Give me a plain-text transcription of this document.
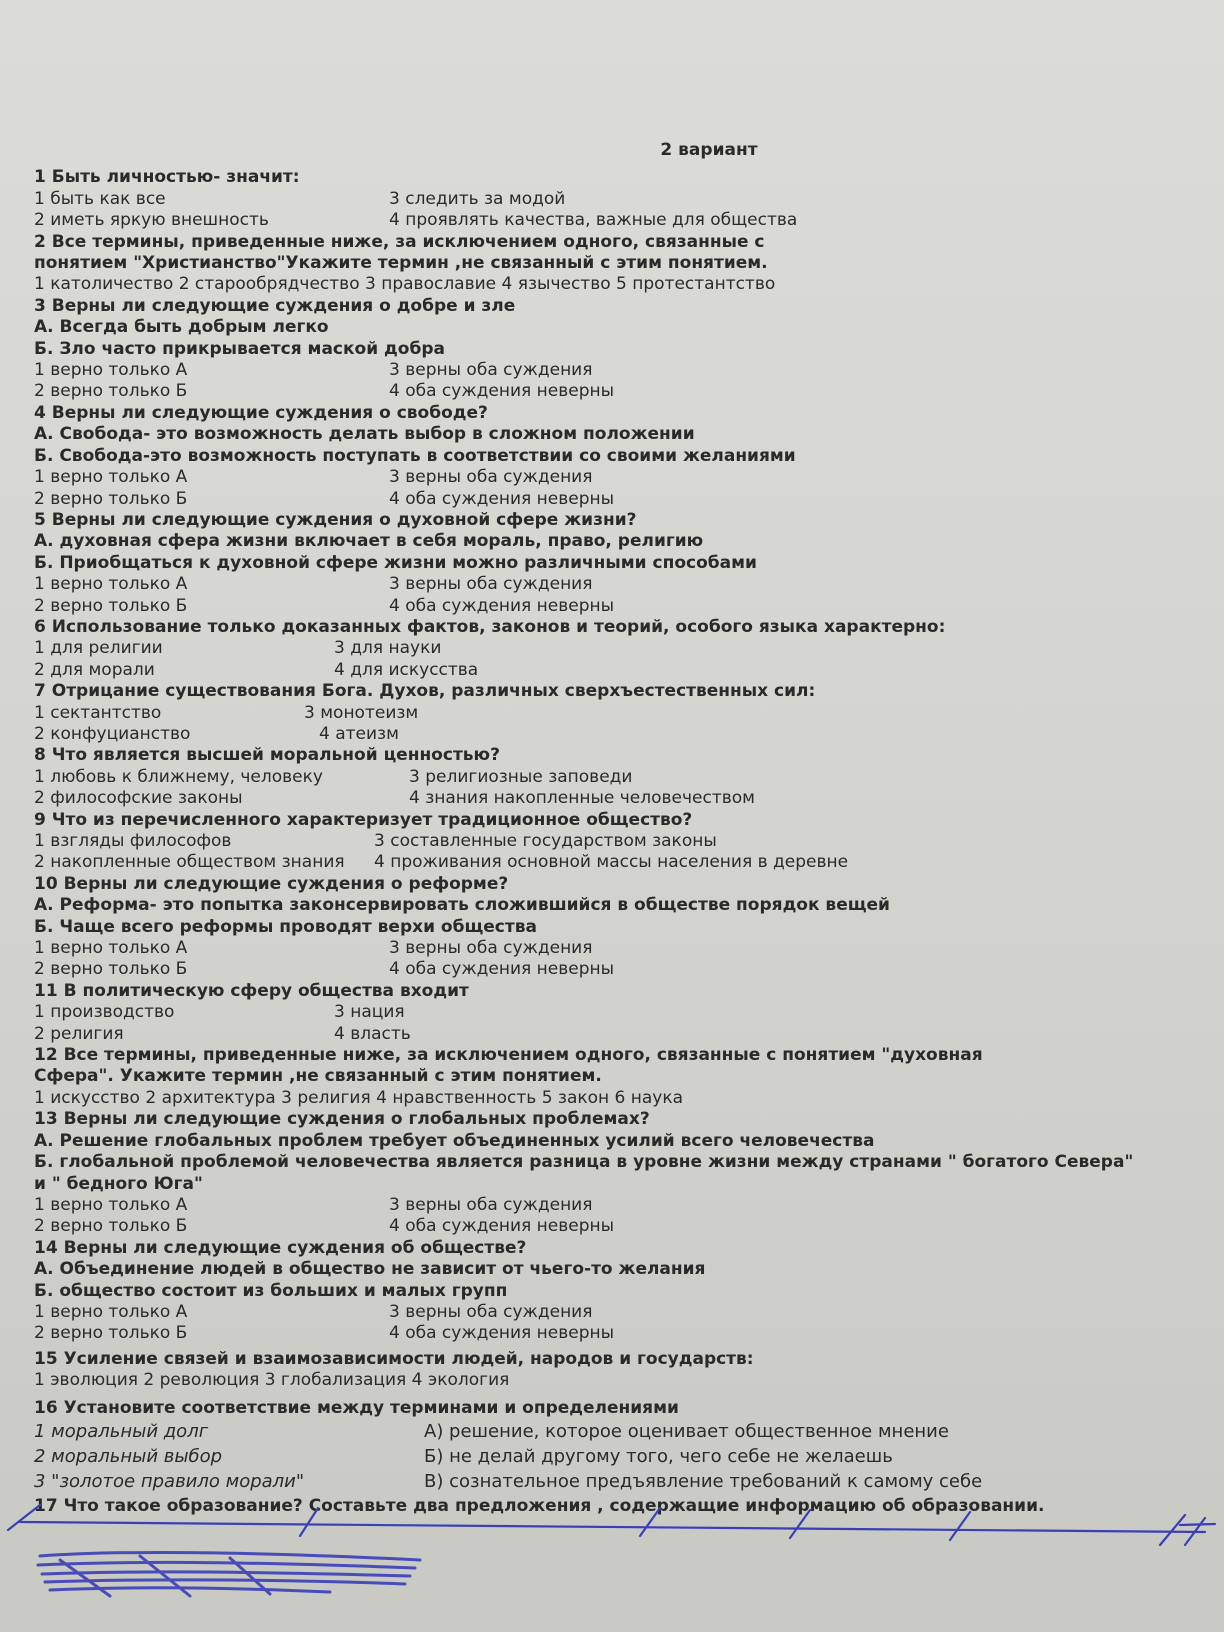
2 вариант
1 Быть личностью- значит:
1 быть как все	3 следить за модой
2 иметь яркую внешность	4 проявлять качества, важные для общества
2 Все термины, приведенные ниже, за исключением одного, связанные с понятием "Христианство"Укажите термин ,не связанный с этим понятием.
1 католичество 2 старообрядчество 3 православие 4 язычество 5 протестантство
3 Верны ли следующие суждения о добре и зле
А. Всегда быть добрым легко
Б. Зло часто прикрывается маской добра
1 верно только А	3 верны оба суждения
2 верно только Б	4 оба суждения неверны
4 Верны ли следующие суждения о свободе?
А. Свобода- это возможность делать выбор в сложном положении
Б. Свобода-это возможность поступать в соответствии со своими желаниями
1 верно только А	3 верны оба суждения
2 верно только Б	4 оба суждения неверны
5 Верны ли следующие суждения о духовной сфере жизни?
А. духовная сфера жизни включает в себя мораль, право, религию
Б. Приобщаться к духовной сфере жизни можно различными способами
1 верно только А	3 верны оба суждения
2 верно только Б	4 оба суждения неверны
6 Использование только доказанных фактов, законов и теорий, особого языка характерно:
1 для религии	3 для науки
2 для морали	4 для искусства
7 Отрицание существования Бога. Духов, различных сверхъестественных сил:
1 сектантство	3 монотеизм
2 конфуцианство	4 атеизм
8 Что является высшей моральной ценностью?
1 любовь к ближнему, человеку	3 религиозные заповеди
2 философские законы	4 знания накопленные человечеством
9 Что из перечисленного характеризует традиционное общество?
1 взгляды философов	3 составленные государством законы
2 накопленные обществом знания	4 проживания основной массы населения в деревне
10 Верны ли следующие суждения о реформе?
А. Реформа- это попытка законсервировать сложившийся в обществе порядок вещей
Б. Чаще всего реформы проводят верхи общества
1 верно только А	3 верны оба суждения
2 верно только Б	4 оба суждения неверны
11 В политическую сферу общества входит
1 производство	3 нация
2 религия	4 власть
12 Все термины, приведенные ниже, за исключением одного, связанные с понятием "духовная Сфера". Укажите термин ,не связанный с этим понятием.
1 искусство 2 архитектура 3 религия 4 нравственность 5 закон 6 наука
13 Верны ли следующие суждения о глобальных проблемах?
А. Решение глобальных проблем требует объединенных усилий всего человечества
Б. глобальной проблемой человечества является разница в уровне жизни между странами " богатого Севера" и " бедного Юга"
1 верно только А	3 верны оба суждения
2 верно только Б	4 оба суждения неверны
14 Верны ли следующие суждения об обществе?
А. Объединение людей в общество не зависит от чьего-то желания
Б. общество состоит из больших и малых групп
1 верно только А	3 верны оба суждения
2 верно только Б	4 оба суждения неверны
15 Усиление связей и взаимозависимости людей, народов и государств:
1 эволюция 2 революция 3 глобализация 4 экология
16 Установите соответствие между терминами и определениями
1 моральный долг	А) решение, которое оценивает общественное мнение
2 моральный выбор	Б) не делай другому того, чего себе не желаешь
3 "золотое правило морали"	В) сознательное предъявление требований к самому себе
17 Что такое образование? Составьте два предложения , содержащие информацию об образовании.
